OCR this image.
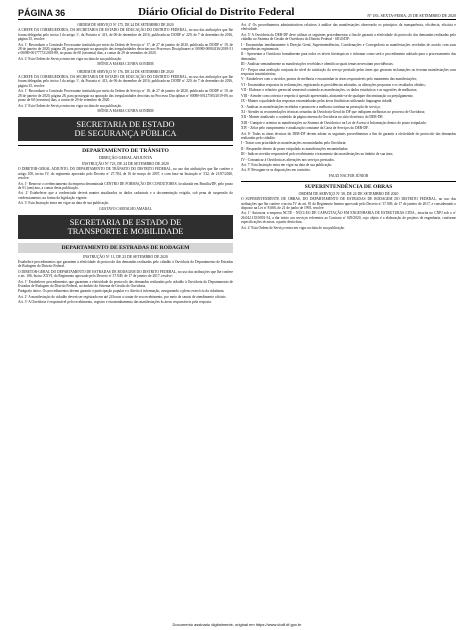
PÁGINA 36	Diário Oficial do Distrito Federal	Nº 183, SEXTA-FEIRA, 25 DE SETEMBRO DE 2020

ORDEM DE SERVIÇO Nº 175, DE 24 DE SETEMBRO DE 2020

A CHEFE DA CORREGEDORIA, DA SECRETARIA DE ESTADO DE EDUCAÇÃO DO DISTRITO FEDERAL, no uso das atribuições que lhe foram delegadas pelo inciso I do artigo 1º, da Portaria nº 413, de 06 de dezembro de 2016, publicada no DODF nº 229, de 7 de dezembro de 2016, página 35, resolve:

Art. 1º Reconduzir a Comissão Processante instituída por meio da Ordem de Serviço nº 17, de 27 de janeiro de 2020, publicada no DODF nº 19, de 28 de janeiro de 2020, página 28, para prosseguir na apuração das irregularidades descritas nos Processos Disciplinares nº 00080-00084136/2018-51 e 00080-00177772/2018-88, no prazo de 60 (sessenta) dias, a contar de 29 de setembro de 2020.

Art. 2º Esta Ordem de Serviço entra em vigor na data de sua publicação.

MÔNICA MARIA CUNHA GONDIM

ORDEM DE SERVIÇO Nº 176, DE 24 DE SETEMBRO DE 2020

A CHEFE DA CORREGEDORIA, DA SECRETARIA DE ESTADO DE EDUCAÇÃO DO DISTRITO FEDERAL, no uso das atribuições que lhe foram delegadas pelo inciso I do artigo 1º, da Portaria nº 413, de 06 de dezembro de 2016, publicada no DODF nº 229, de 7 de dezembro de 2016, página 35, resolve:

Art. 1º Reconduzir a Comissão Processante instituída por meio da Ordem de Serviço nº 18, de 27 de janeiro de 2020, publicada no DODF nº 19, de 28 de janeiro de 2020, página 28, para prosseguir na apuração das irregularidades descritas no Processo Disciplinar nº 00080-00127583/2019-09, no prazo de 60 (sessenta) dias, a contar de 29 de setembro de 2020.

Art. 2º Esta Ordem de Serviço entra em vigor na data de sua publicação.

MÔNICA MARIA CUNHA GONDIM
SECRETARIA DE ESTADO
DE SEGURANÇA PÚBLICA
DEPARTAMENTO DE TRÂNSITO
DIREÇÃO GERAL ADJUNTA
INSTRUÇÃO Nº 723, DE 24 DE SETEMBRO DE 2020

O DIRETOR-GERAL ADJUNTO, DO DEPARTAMENTO DE TRÂNSITO DO DISTRITO FEDERAL, no uso das atribuições que lhe confere o artigo 100, inciso IV, do regimento aprovado pelo Decreto nº 27.784, de 16 de março de 2007, e com base na Instrução nº 532, de 21/07/2020, resolve:

Art. 1º Renovar o credenciamento da empresa denominada CENTRO DE FORMAÇÃO DE CONDUTORES, localizada em Brasília/DF, pelo prazo de 01 (um) ano, a contar desta publicação.

Art. 2º Estabelecer que a credenciada deverá manter atualizados os dados cadastrais e a documentação exigida, sob pena de suspensão do credenciamento, na forma da legislação vigente.

Art. 3º Esta Instrução entra em vigor na data de sua publicação.

GUSTAVO CARVALHO AMARAL
SECRETARIA DE ESTADO DE
TRANSPORTE E MOBILIDADE
DEPARTAMENTO DE ESTRADAS DE RODAGEM
INSTRUÇÃO Nº 11, DE 23 DE SETEMBRO DE 2020

Estabelece procedimentos que garantem a efetividade do protocolo das demandas realizadas pelo cidadão à Ouvidoria do Departamento de Estradas de Rodagem do Distrito Federal.

O DIRETOR-GERAL DO DEPARTAMENTO DE ESTRADAS DE RODAGEM DO DISTRITO FEDERAL, no uso das atribuições que lhe confere o art. 106, Inciso XXVI, do Regimento aprovado pelo Decreto nº 37.949, de 17 de janeiro de 2017, resolve:

Art. 1º Estabelecer procedimentos que garantem a efetividade do protocolo das demandas realizadas pelo cidadão à Ouvidoria do Departamento de Estradas de Rodagem do Distrito Federal, no âmbito do Sistema de Gestão de Ouvidoria.

Parágrafo único. Os procedimentos devem garantir a participação popular e o direito à informação, assegurando o pleno exercício da cidadania.

Art. 2º A manifestação do cidadão deverá ser registrada em até 24 horas a contar de seu recebimento, por meio de canais de atendimento oficiais.

Art. 3º A Ouvidoria é responsável pelo recebimento, registro e encaminhamento das manifestações às áreas responsáveis pela resposta.

Art. 4º Os procedimentos administrativos relativos à análise das manifestações observarão os princípios da transparência, eficiência, eficácia e efetividade.

Art. 5º A Ouvidoria do DER-DF deve utilizar os seguintes procedimentos a fim de garantir a efetividade do protocolo das demandas realizadas pelo cidadão no Sistema de Gestão de Ouvidoria do Distrito Federal - SIGO/DF:

I - Encaminhar imediatamente à Direção Geral, Superintendências, Coordenações e Corregedoria as manifestações recebidas de acordo com suas competências regimentais;

II - Apresentar a Ouvidoria formalmente para todos os níveis hierárquicos e informar como será o procedimento adotado para o processamento das demandas;

III - Analisar semanalmente as manifestações recebidas e identificar quais temas necessitam providências;

IV - Propor uma avaliação conjunta do nível de satisfação do serviço prestado pelas áreas que geraram reclamações ou tiveram manifestações com respostas insatisfatórias;

V - Estabelecer com o ouvidor, pontos de melhoria e encaminhar às áreas responsáveis pelo tratamento das manifestações;

VI - Encaminhar respostas às reclamações, registrando as providências adotadas, as alterações propostas e os resultados obtidos;

VII - Elaborar o relatório gerencial semestral contendo as manifestações, os dados estatísticos e as sugestões de melhorias;

VIII - Atender com cortesia e respeito à questão apresentada, afastando-se de qualquer discriminação ou prejulgamento;

IX - Manter a qualidade das respostas encaminhadas pelas áreas finalísticas utilizando linguagem cidadã;

X - Analisar as manifestações recebidas e promover a melhoria contínua na prestação do serviço;

XI - Atender as recomendações técnicas oriundas da Ouvidoria-Geral do DF que indiquem melhorias no processo de Ouvidoria;

XII - Manter atualizado o conteúdo da página interna da Ouvidoria no sítio eletrônico do DER-DF;

XIII - Cumprir e orientar as manifestações no Sistema de Ouvidoria e na Lei de Acesso à Informação dentro do prazo estipulado;

XIV - Zelar pelo cumprimento e atualização constante da Carta de Serviços do DER-DF.

Art. 6º Todas as áreas técnicas do DER-DF devem adotar os seguintes procedimentos a fim de garantir a efetividade do protocolo das demandas realizadas pelo cidadão:

I - Tratar com prioridade as manifestações encaminhadas pela Ouvidoria;

II - Responder dentro do prazo estipulado as manifestações encaminhadas;

III - Indicar servidor responsável pelo recebimento e tratamento das manifestações no âmbito de sua área;

IV - Comunicar à Ouvidoria as alterações nos serviços prestados.

Art. 7º Esta Instrução entra em vigor na data de sua publicação.

Art. 8º Revogam-se as disposições em contrário.

FAUZI NACFUR JÚNIOR
SUPERINTENDÊNCIA DE OBRAS
ORDEM DE SERVIÇO Nº 38, DE 24 DE SETEMBRO DE 2020

O SUPERINTENDENTE DE OBRAS, DO DEPARTAMENTO DE ESTRADAS DE RODAGEM DO DISTRITO FEDERAL, no uso das atribuições que lhe confere o inciso IV do art. 81 do Regimento Interno aprovado pelo Decreto nº 37.949, de 17 de janeiro de 2017, e considerando o disposto na Lei nº 8.666, de 21 de junho de 1993, resolve:

Art. 1º Autorizar a empresa NCTE - NÚCLEO DE CAPACITAÇÃO EM ENGENHARIA DE ESTRUTURAS LTDA., inscrita no CNPJ sob o nº 26.042.135/0001-54, a dar início aos serviços referentes ao Contrato nº 029/2020, cujo objeto é a elaboração de projetos de engenharia, conforme especificações técnicas, a partir desta data.

Art. 2º Esta Ordem de Serviço entra em vigor na data de sua publicação.

Documento assinado digitalmente, original em https://www.dodf.df.gov.br
